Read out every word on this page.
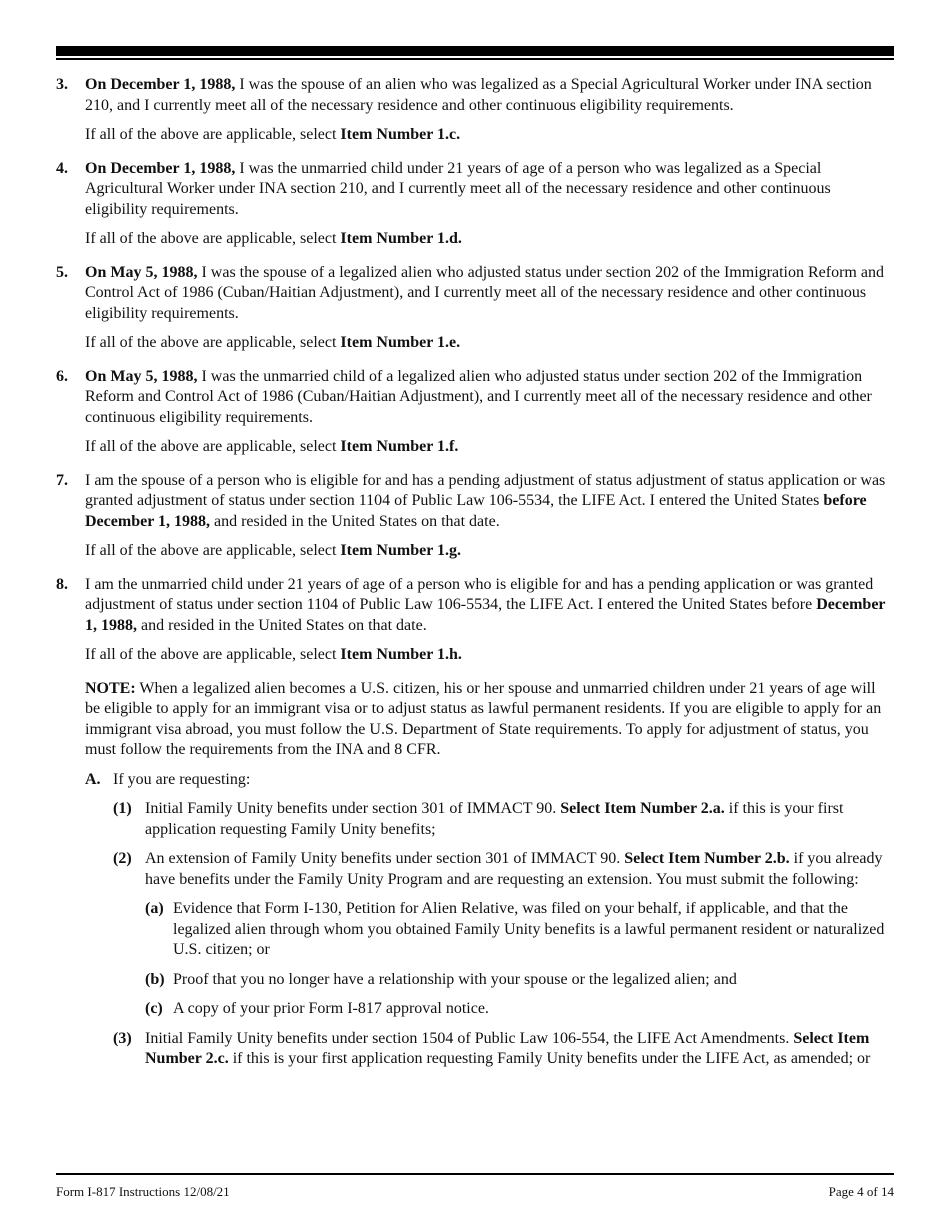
3.	On December 1, 1988, I was the spouse of an alien who was legalized as a Special Agricultural Worker under INA section 210, and I currently meet all of the necessary residence and other continuous eligibility requirements.
If all of the above are applicable, select Item Number 1.c.
4.	On December 1, 1988, I was the unmarried child under 21 years of age of a person who was legalized as a Special Agricultural Worker under INA section 210, and I currently meet all of the necessary residence and other continuous eligibility requirements.
If all of the above are applicable, select Item Number 1.d.
5.	On May 5, 1988, I was the spouse of a legalized alien who adjusted status under section 202 of the Immigration Reform and Control Act of 1986 (Cuban/Haitian Adjustment), and I currently meet all of the necessary residence and other continuous eligibility requirements.
If all of the above are applicable, select Item Number 1.e.
6.	On May 5, 1988, I was the unmarried child of a legalized alien who adjusted status under section 202 of the Immigration Reform and Control Act of 1986 (Cuban/Haitian Adjustment), and I currently meet all of the necessary residence and other continuous eligibility requirements.
If all of the above are applicable, select Item Number 1.f.
7.	I am the spouse of a person who is eligible for and has a pending adjustment of status adjustment of status application or was granted adjustment of status under section 1104 of Public Law 106-5534, the LIFE Act. I entered the United States before December 1, 1988, and resided in the United States on that date.
If all of the above are applicable, select Item Number 1.g.
8.	I am the unmarried child under 21 years of age of a person who is eligible for and has a pending application or was granted adjustment of status under section 1104 of Public Law 106-5534, the LIFE Act. I entered the United States before December 1, 1988, and resided in the United States on that date.
If all of the above are applicable, select Item Number 1.h.
NOTE: When a legalized alien becomes a U.S. citizen, his or her spouse and unmarried children under 21 years of age will be eligible to apply for an immigrant visa or to adjust status as lawful permanent residents. If you are eligible to apply for an immigrant visa abroad, you must follow the U.S. Department of State requirements. To apply for adjustment of status, you must follow the requirements from the INA and 8 CFR.
A. If you are requesting:
(1) Initial Family Unity benefits under section 301 of IMMACT 90. Select Item Number 2.a. if this is your first application requesting Family Unity benefits;
(2) An extension of Family Unity benefits under section 301 of IMMACT 90. Select Item Number 2.b. if you already have benefits under the Family Unity Program and are requesting an extension. You must submit the following:
(a) Evidence that Form I-130, Petition for Alien Relative, was filed on your behalf, if applicable, and that the legalized alien through whom you obtained Family Unity benefits is a lawful permanent resident or naturalized U.S. citizen; or
(b) Proof that you no longer have a relationship with your spouse or the legalized alien; and
(c) A copy of your prior Form I-817 approval notice.
(3) Initial Family Unity benefits under section 1504 of Public Law 106-554, the LIFE Act Amendments. Select Item Number 2.c. if this is your first application requesting Family Unity benefits under the LIFE Act, as amended; or
Form I-817 Instructions 12/08/21	Page 4 of 14
